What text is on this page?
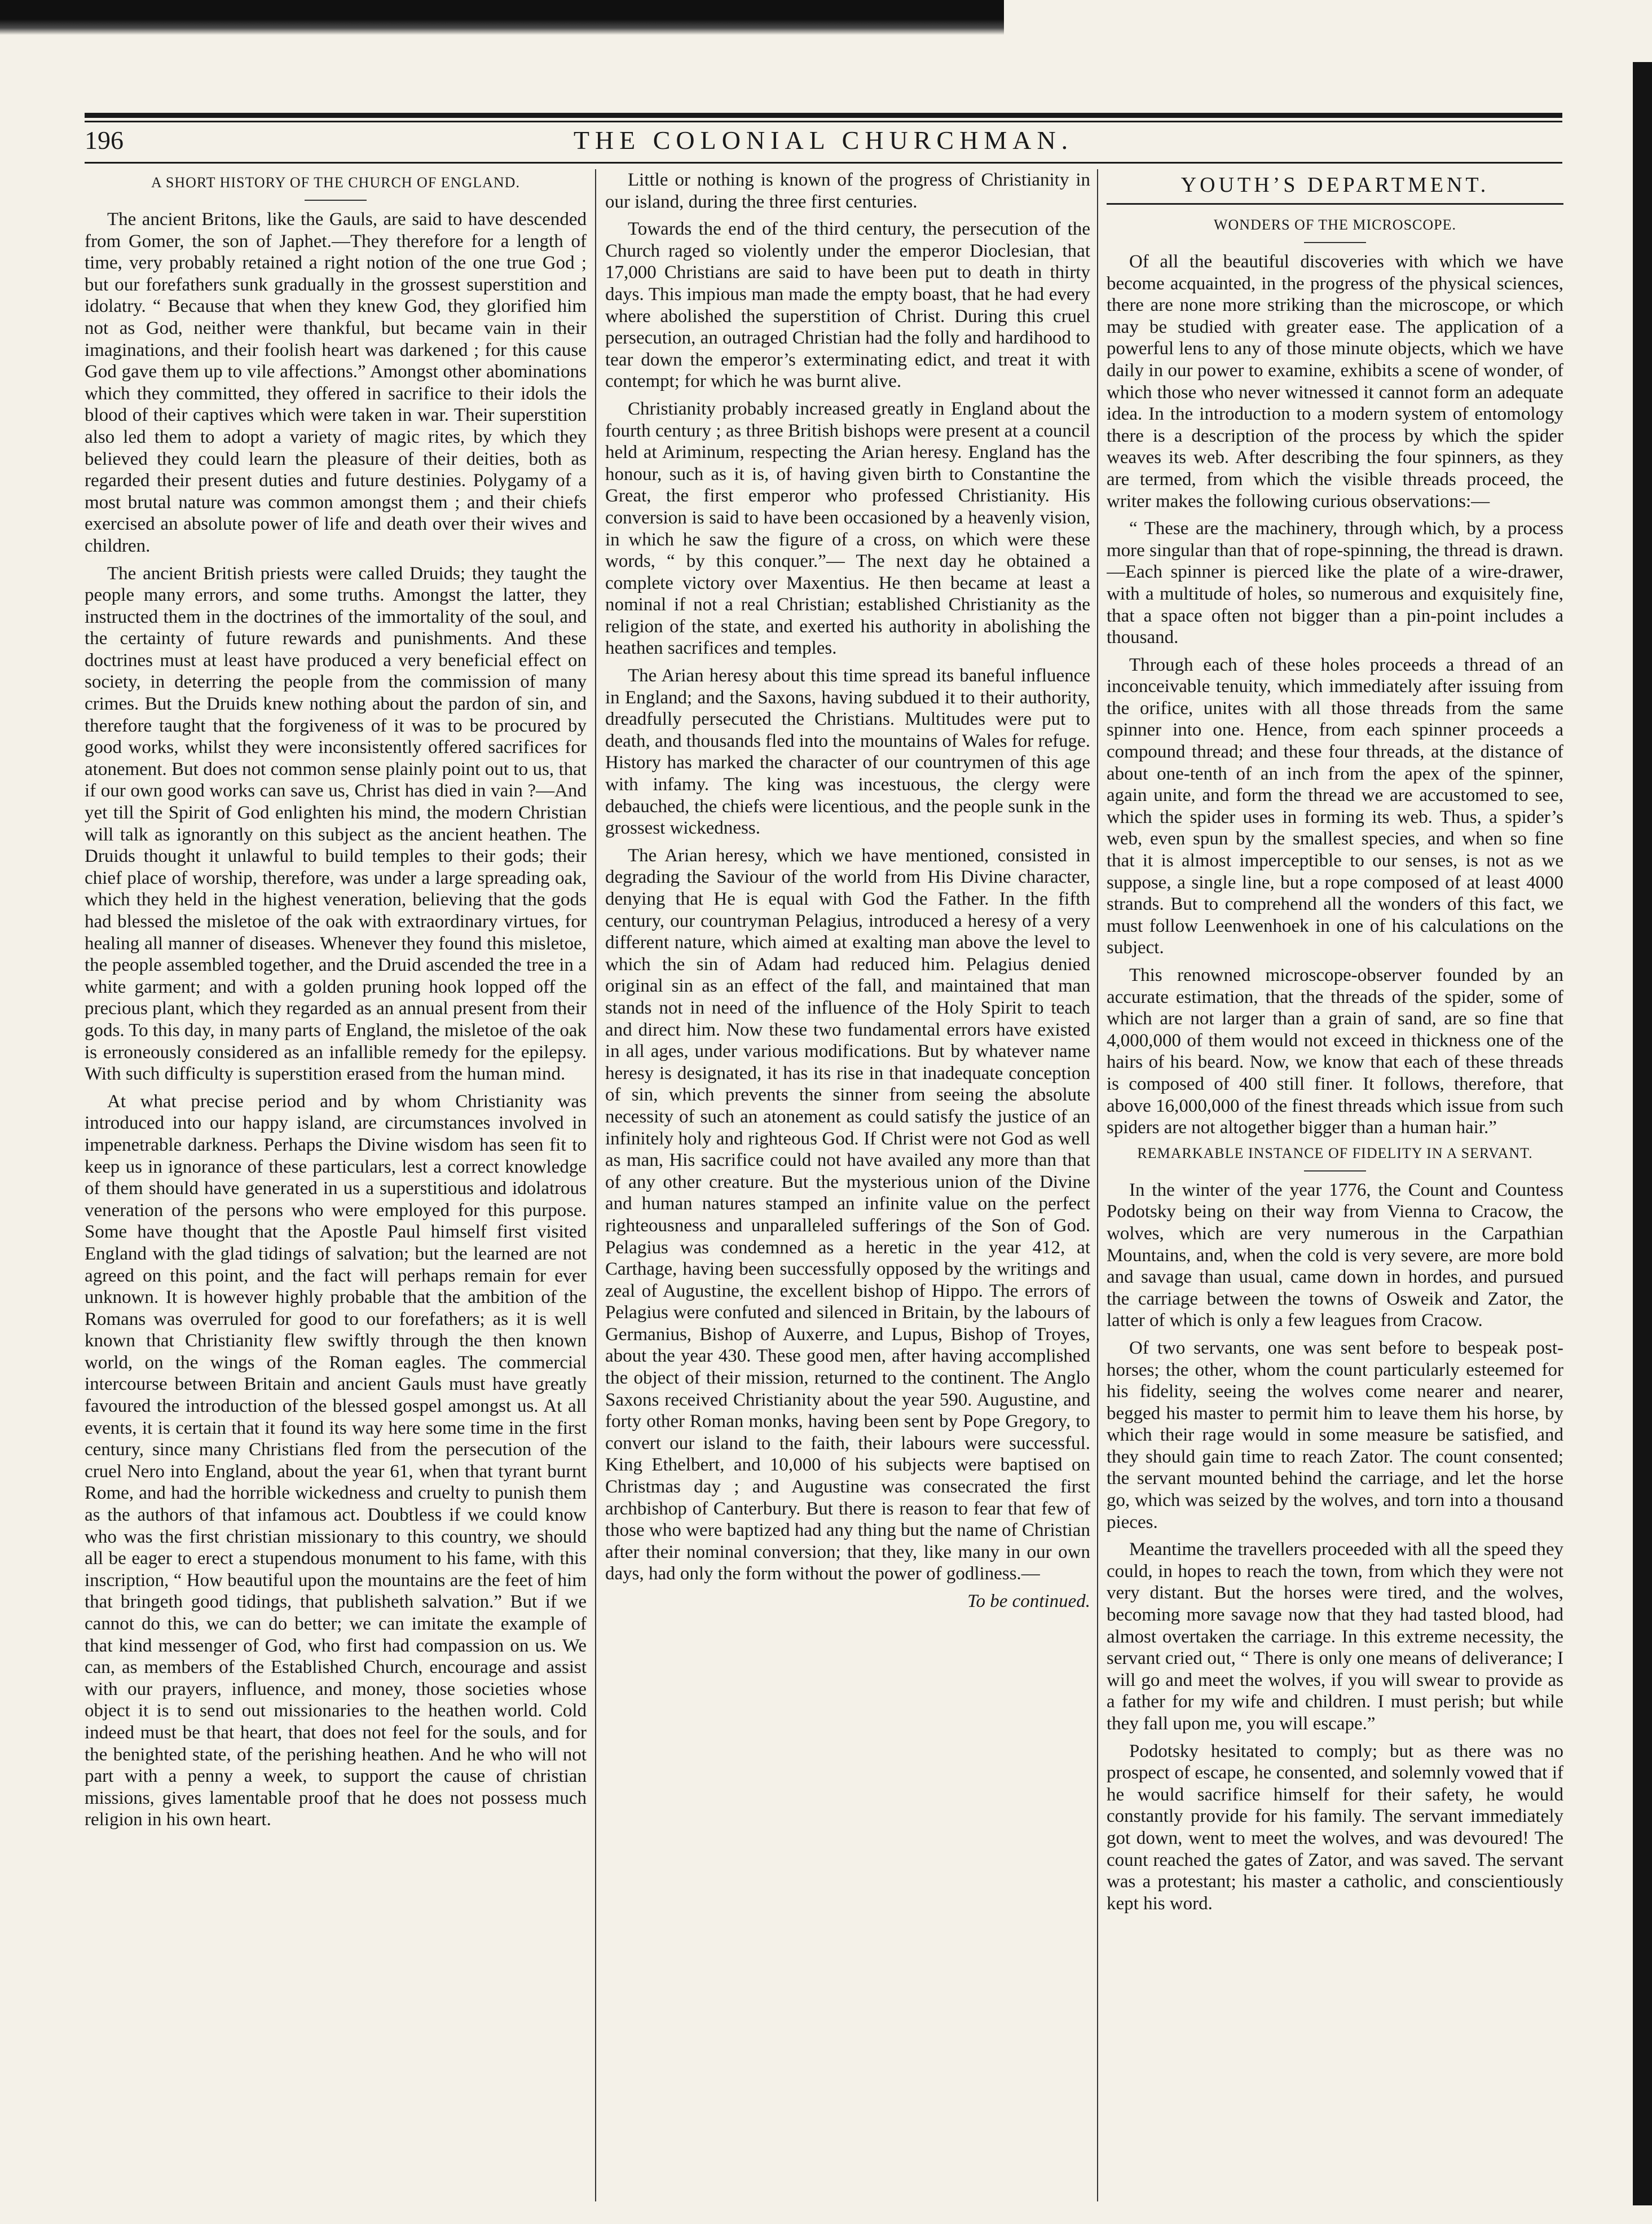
196	THE COLONIAL CHURCHMAN.
A SHORT HISTORY OF THE CHURCH OF ENGLAND.

The ancient Britons, like the Gauls, are said to have descended from Gomer, the son of Japhet.—They therefore for a length of time, very probably retained a right notion of the one true God ; but our forefathers sunk gradually in the grossest superstition and idolatry. “ Because that when they knew God, they glorified him not as God, neither were thankful, but became vain in their imaginations, and their foolish heart was darkened ; for this cause God gave them up to vile affections.” Amongst other abominations which they committed, they offered in sacrifice to their idols the blood of their captives which were taken in war. Their superstition also led them to adopt a variety of magic rites, by which they believed they could learn the pleasure of their deities, both as regarded their present duties and future destinies. Polygamy of a most brutal nature was common amongst them ; and their chiefs exercised an absolute power of life and death over their wives and children.

The ancient British priests were called Druids; they taught the people many errors, and some truths. Amongst the latter, they instructed them in the doctrines of the immortality of the soul, and the certainty of future rewards and punishments. And these doctrines must at least have produced a very beneficial effect on society, in deterring the people from the commission of many crimes. But the Druids knew nothing about the pardon of sin, and therefore taught that the forgiveness of it was to be procured by good works, whilst they were inconsistently offered sacrifices for atonement. But does not common sense plainly point out to us, that if our own good works can save us, Christ has died in vain ?—And yet till the Spirit of God enlighten his mind, the modern Christian will talk as ignorantly on this subject as the ancient heathen. The Druids thought it unlawful to build temples to their gods; their chief place of worship, therefore, was under a large spreading oak, which they held in the highest veneration, believing that the gods had blessed the misletoe of the oak with extraordinary virtues, for healing all manner of diseases. Whenever they found this misletoe, the people assembled together, and the Druid ascended the tree in a white garment; and with a golden pruning hook lopped off the precious plant, which they regarded as an annual present from their gods. To this day, in many parts of England, the misletoe of the oak is erroneously considered as an infallible remedy for the epilepsy. With such difficulty is superstition erased from the human mind.

At what precise period and by whom Christianity was introduced into our happy island, are circumstances involved in impenetrable darkness. Perhaps the Divine wisdom has seen fit to keep us in ignorance of these particulars, lest a correct knowledge of them should have generated in us a superstitious and idolatrous veneration of the persons who were employed for this purpose. Some have thought that the Apostle Paul himself first visited England with the glad tidings of salvation; but the learned are not agreed on this point, and the fact will perhaps remain for ever unknown. It is however highly probable that the ambition of the Romans was overruled for good to our forefathers; as it is well known that Christianity flew swiftly through the then known world, on the wings of the Roman eagles. The commercial intercourse between Britain and ancient Gauls must have greatly favoured the introduction of the blessed gospel amongst us. At all events, it is certain that it found its way here some time in the first century, since many Christians fled from the persecution of the cruel Nero into England, about the year 61, when that tyrant burnt Rome, and had the horrible wickedness and cruelty to punish them as the authors of that infamous act. Doubtless if we could know who was the first christian missionary to this country, we should all be eager to erect a stupendous monument to his fame, with this inscription, “ How beautiful upon the mountains are the feet of him that bringeth good tidings, that publisheth salvation.” But if we cannot do this, we can do better; we can imitate the example of that kind messenger of God, who first had compassion on us. We can, as members of the Established Church, encourage and assist with our prayers, influence, and money, those societies whose object it is to send out missionaries to the heathen world. Cold indeed must be that heart, that does not feel for the souls, and for the benighted state, of the perishing heathen. And he who will not part with a penny a week, to support the cause of christian missions, gives lamentable proof that he does not possess much religion in his own heart.

Little or nothing is known of the progress of Christianity in our island, during the three first centuries.

Towards the end of the third century, the persecution of the Church raged so violently under the emperor Dioclesian, that 17,000 Christians are said to have been put to death in thirty days. This impious man made the empty boast, that he had every where abolished the superstition of Christ. During this cruel persecution, an outraged Christian had the folly and hardihood to tear down the emperor’s exterminating edict, and treat it with contempt; for which he was burnt alive.

Christianity probably increased greatly in England about the fourth century ; as three British bishops were present at a council held at Ariminum, respecting the Arian heresy. England has the honour, such as it is, of having given birth to Constantine the Great, the first emperor who professed Christianity. His conversion is said to have been occasioned by a heavenly vision, in which he saw the figure of a cross, on which were these words, “ by this conquer.”— The next day he obtained a complete victory over Maxentius. He then became at least a nominal if not a real Christian; established Christianity as the religion of the state, and exerted his authority in abolishing the heathen sacrifices and temples.

The Arian heresy about this time spread its baneful influence in England; and the Saxons, having subdued it to their authority, dreadfully persecuted the Christians. Multitudes were put to death, and thousands fled into the mountains of Wales for refuge. History has marked the character of our countrymen of this age with infamy. The king was incestuous, the clergy were debauched, the chiefs were licentious, and the people sunk in the grossest wickedness.

The Arian heresy, which we have mentioned, consisted in degrading the Saviour of the world from His Divine character, denying that He is equal with God the Father. In the fifth century, our countryman Pelagius, introduced a heresy of a very different nature, which aimed at exalting man above the level to which the sin of Adam had reduced him. Pelagius denied original sin as an effect of the fall, and maintained that man stands not in need of the influence of the Holy Spirit to teach and direct him. Now these two fundamental errors have existed in all ages, under various modifications. But by whatever name heresy is designated, it has its rise in that inadequate conception of sin, which prevents the sinner from seeing the absolute necessity of such an atonement as could satisfy the justice of an infinitely holy and righteous God. If Christ were not God as well as man, His sacrifice could not have availed any more than that of any other creature. But the mysterious union of the Divine and human natures stamped an infinite value on the perfect righteousness and unparalleled sufferings of the Son of God. Pelagius was condemned as a heretic in the year 412, at Carthage, having been successfully opposed by the writings and zeal of Augustine, the excellent bishop of Hippo. The errors of Pelagius were confuted and silenced in Britain, by the labours of Germanius, Bishop of Auxerre, and Lupus, Bishop of Troyes, about the year 430. These good men, after having accomplished the object of their mission, returned to the continent. The Anglo Saxons received Christianity about the year 590. Augustine, and forty other Roman monks, having been sent by Pope Gregory, to convert our island to the faith, their labours were successful. King Ethelbert, and 10,000 of his subjects were baptised on Christmas day ; and Augustine was consecrated the first archbishop of Canterbury. But there is reason to fear that few of those who were baptized had any thing but the name of Christian after their nominal conversion; that they, like many in our own days, had only the form without the power of godliness.—

To be continued.

YOUTH’S DEPARTMENT.
WONDERS OF THE MICROSCOPE.

Of all the beautiful discoveries with which we have become acquainted, in the progress of the physical sciences, there are none more striking than the microscope, or which may be studied with greater ease. The application of a powerful lens to any of those minute objects, which we have daily in our power to examine, exhibits a scene of wonder, of which those who never witnessed it cannot form an adequate idea. In the introduction to a modern system of entomology there is a description of the process by which the spider weaves its web. After describing the four spinners, as they are termed, from which the visible threads proceed, the writer makes the following curious observations:—

“ These are the machinery, through which, by a process more singular than that of rope-spinning, the thread is drawn.—Each spinner is pierced like the plate of a wire-drawer, with a multitude of holes, so numerous and exquisitely fine, that a space often not bigger than a pin-point includes a thousand.

Through each of these holes proceeds a thread of an inconceivable tenuity, which immediately after issuing from the orifice, unites with all those threads from the same spinner into one. Hence, from each spinner proceeds a compound thread; and these four threads, at the distance of about one-tenth of an inch from the apex of the spinner, again unite, and form the thread we are accustomed to see, which the spider uses in forming its web. Thus, a spider’s web, even spun by the smallest species, and when so fine that it is almost imperceptible to our senses, is not as we suppose, a single line, but a rope composed of at least 4000 strands. But to comprehend all the wonders of this fact, we must follow Leenwenhoek in one of his calculations on the subject.

This renowned microscope-observer founded by an accurate estimation, that the threads of the spider, some of which are not larger than a grain of sand, are so fine that 4,000,000 of them would not exceed in thickness one of the hairs of his beard. Now, we know that each of these threads is composed of 400 still finer. It follows, therefore, that above 16,000,000 of the finest threads which issue from such spiders are not altogether bigger than a human hair.”

REMARKABLE INSTANCE OF FIDELITY IN A SERVANT.

In the winter of the year 1776, the Count and Countess Podotsky being on their way from Vienna to Cracow, the wolves, which are very numerous in the Carpathian Mountains, and, when the cold is very severe, are more bold and savage than usual, came down in hordes, and pursued the carriage between the towns of Osweik and Zator, the latter of which is only a few leagues from Cracow.

Of two servants, one was sent before to bespeak post-horses; the other, whom the count particularly esteemed for his fidelity, seeing the wolves come nearer and nearer, begged his master to permit him to leave them his horse, by which their rage would in some measure be satisfied, and they should gain time to reach Zator. The count consented; the servant mounted behind the carriage, and let the horse go, which was seized by the wolves, and torn into a thousand pieces.

Meantime the travellers proceeded with all the speed they could, in hopes to reach the town, from which they were not very distant. But the horses were tired, and the wolves, becoming more savage now that they had tasted blood, had almost overtaken the carriage. In this extreme necessity, the servant cried out, “ There is only one means of deliverance; I will go and meet the wolves, if you will swear to provide as a father for my wife and children. I must perish; but while they fall upon me, you will escape.”

Podotsky hesitated to comply; but as there was no prospect of escape, he consented, and solemnly vowed that if he would sacrifice himself for their safety, he would constantly provide for his family. The servant immediately got down, went to meet the wolves, and was devoured! The count reached the gates of Zator, and was saved. The servant was a protestant; his master a catholic, and conscientiously kept his word.
